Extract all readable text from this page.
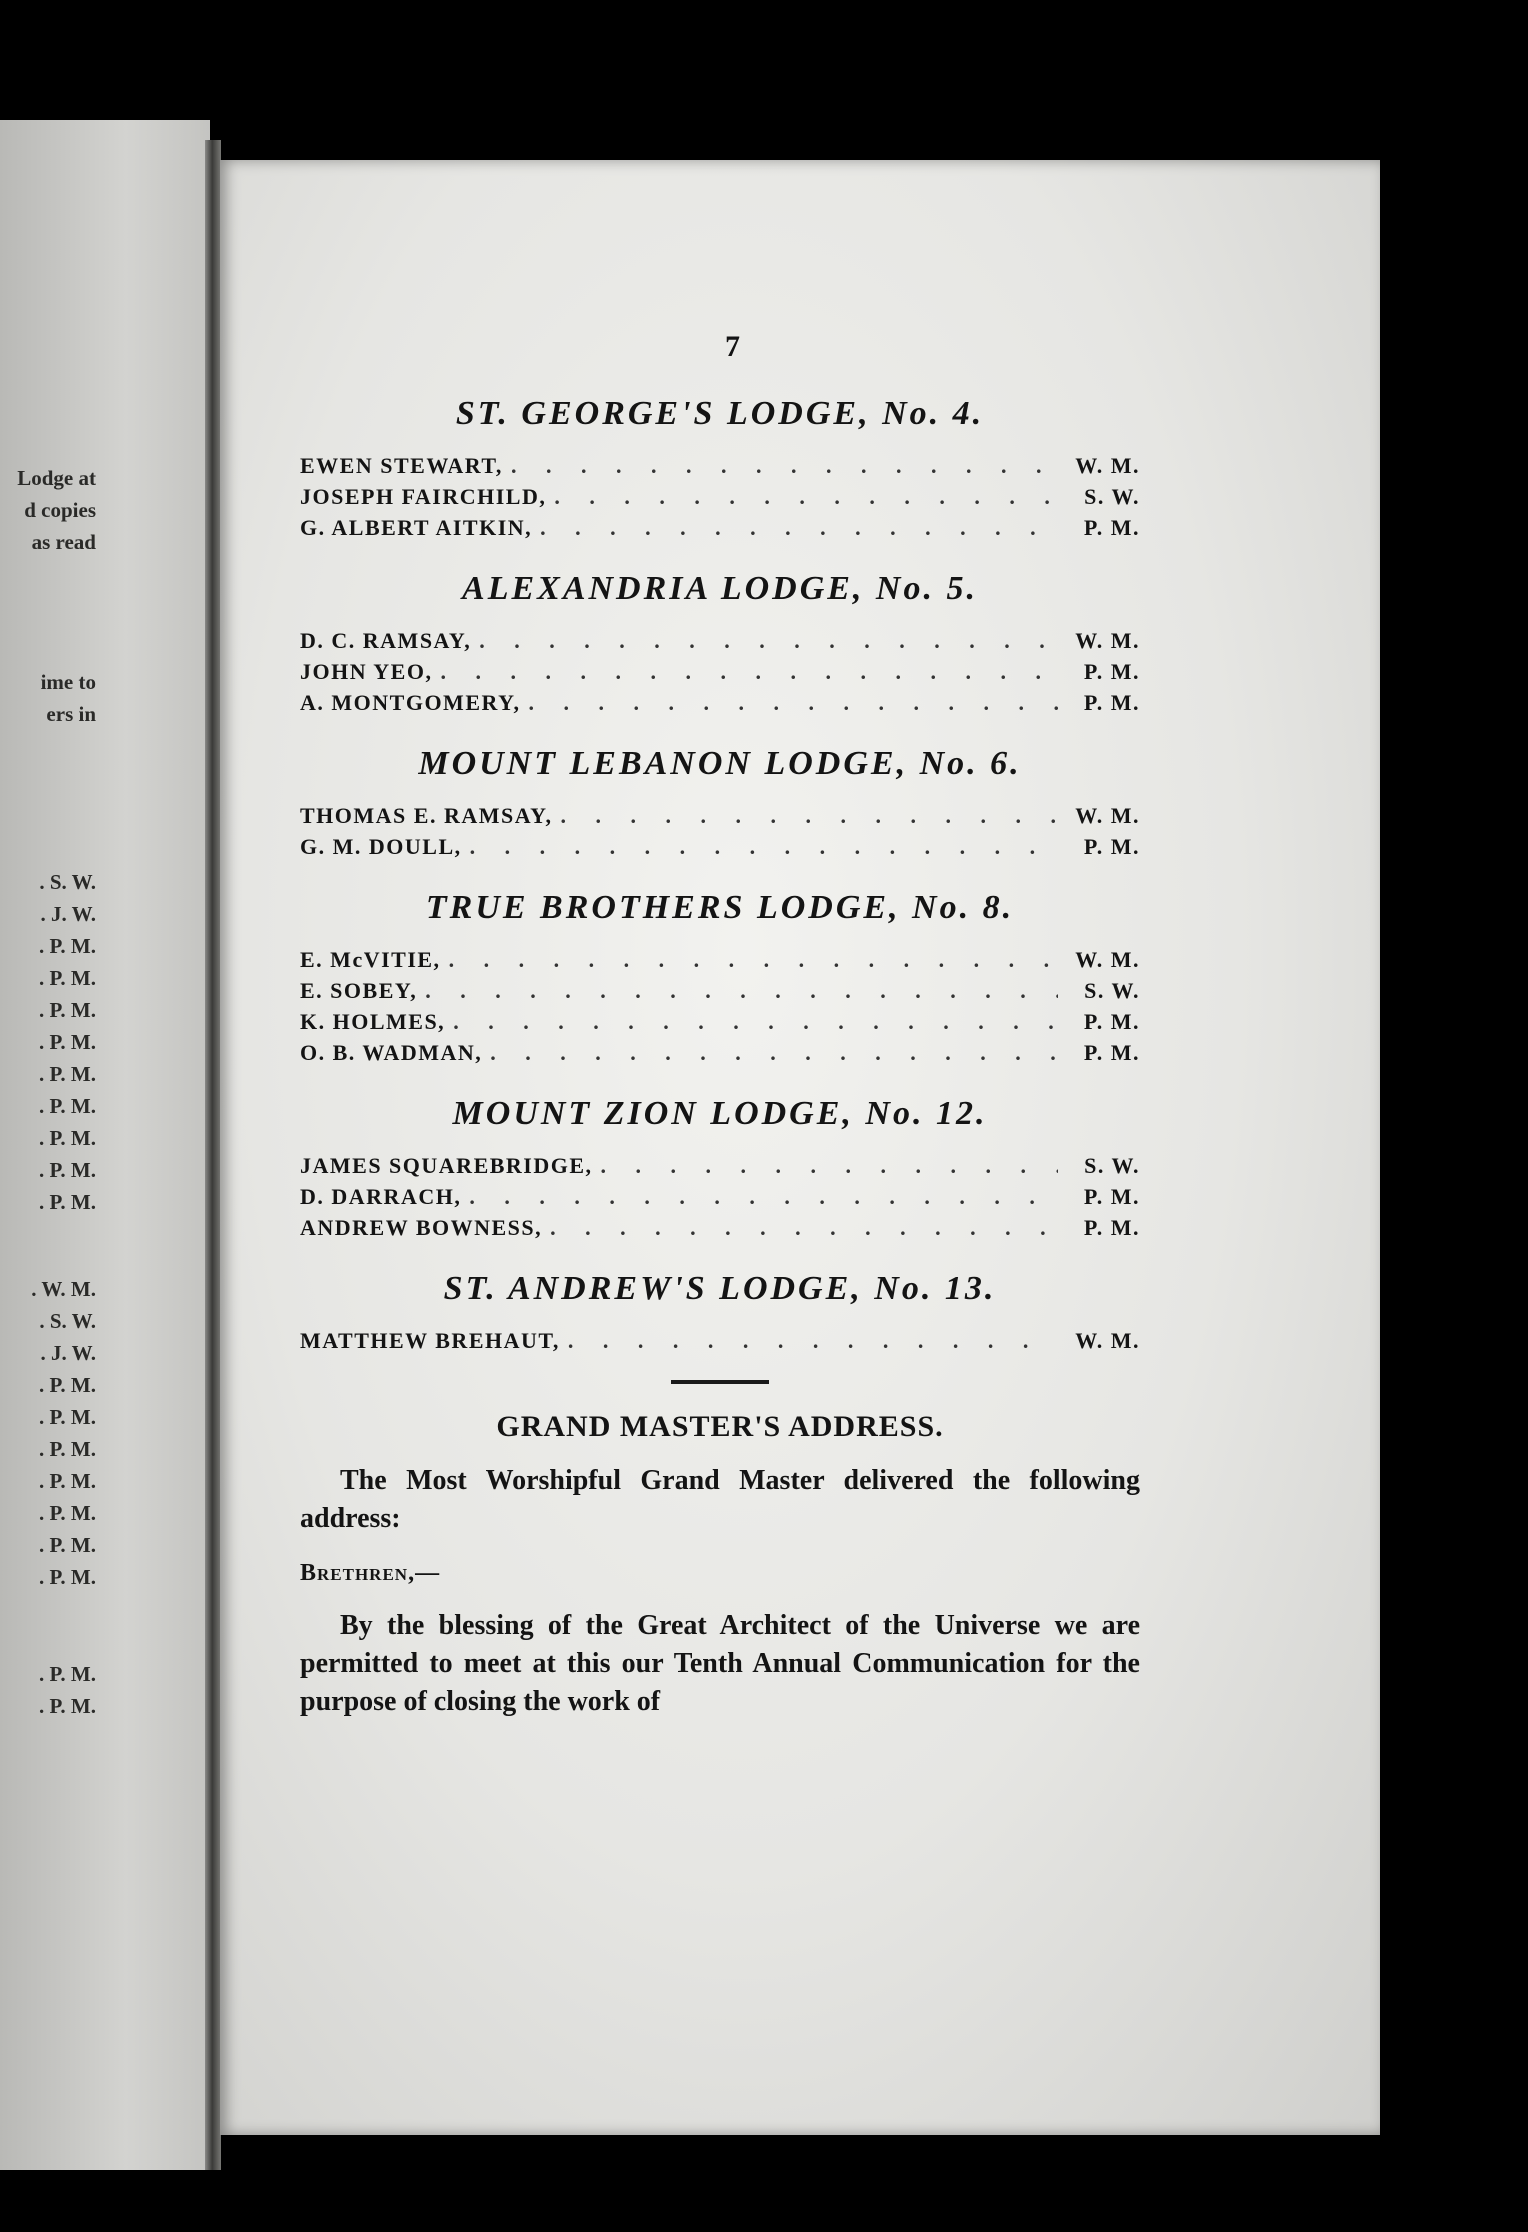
Lodge at
d copies
as read
ime to
ers in
. S. W.
. J. W.
. P. M.
. P. M.
. P. M.
. P. M.
. P. M.
. P. M.
. P. M.
. P. M.
. P. M.
. W. M.
. S. W.
. J. W.
. P. M.
. P. M.
. P. M.
. P. M.
. P. M.
. P. M.
. P. M.
. P. M.
. P. M.
7
ST. GEORGE'S LODGE, No. 4.
EWEN STEWART, . . .	W. M.
JOSEPH FAIRCHILD, . . .	S. W.
G. ALBERT AITKIN, . . .	P. M.
ALEXANDRIA LODGE, No. 5.
D. C. RAMSAY, . . .	W. M.
JOHN YEO, . . .	P. M.
A. MONTGOMERY, . . .	P. M.
MOUNT LEBANON LODGE, No. 6.
THOMAS E. RAMSAY, . . .	W. M.
G. M. DOULL, . . .	P. M.
TRUE BROTHERS LODGE, No. 8.
E. McVITIE, . . .	W. M.
E. SOBEY, . . .	S. W.
K. HOLMES, . . .	P. M.
O. B. WADMAN, . . .	P. M.
MOUNT ZION LODGE, No. 12.
JAMES SQUAREBRIDGE, . . .	S. W.
D. DARRACH, . . .	P. M.
ANDREW BOWNESS, . . .	P. M.
ST. ANDREW'S LODGE, No. 13.
MATTHEW BREHAUT, . . .	W. M.
GRAND MASTER'S ADDRESS.
The Most Worshipful Grand Master delivered the following address:
Brethren,—
By the blessing of the Great Architect of the Universe we are permitted to meet at this our Tenth Annual Communication for the purpose of closing the work of
